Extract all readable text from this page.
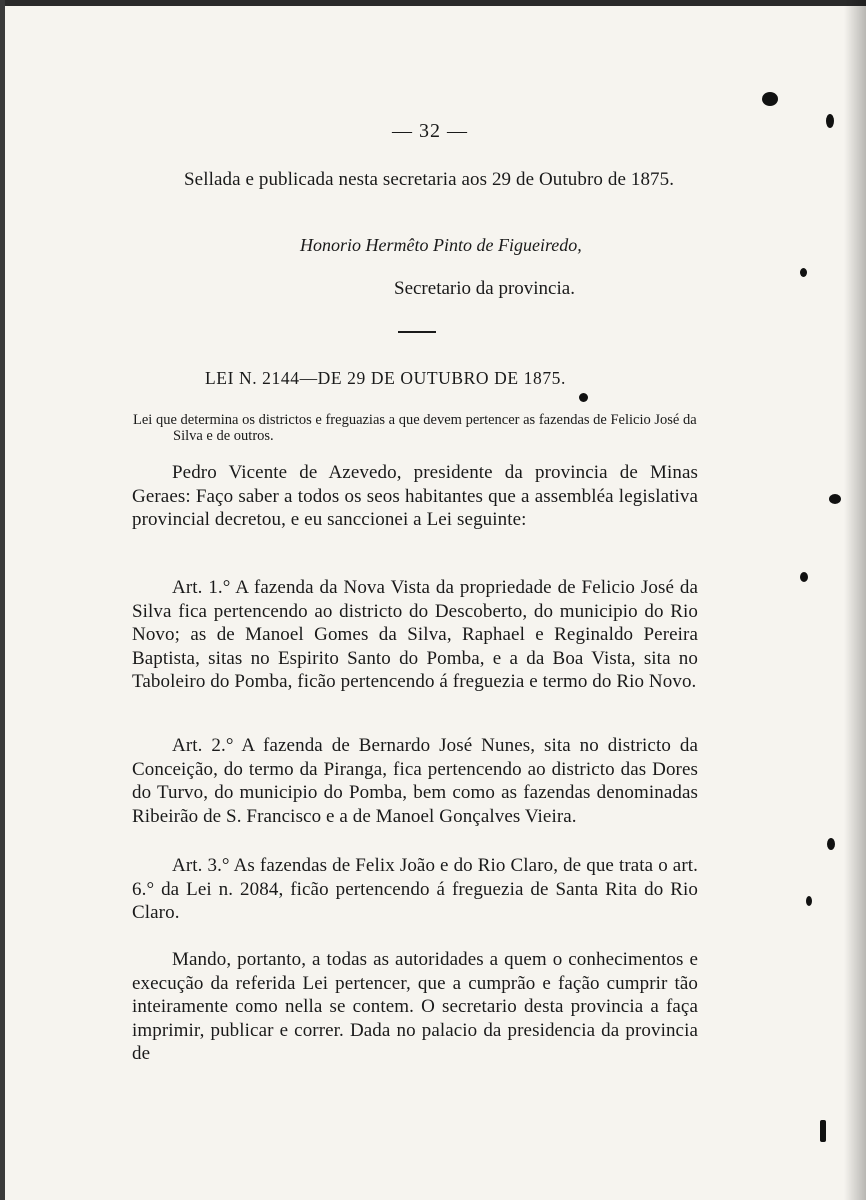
— 32 —
Sellada e publicada nesta secretaria aos 29 de Outubro de 1875.
Honorio Hermêto Pinto de Figueiredo,
Secretario da provincia.
LEI N. 2144—DE 29 DE OUTUBRO DE 1875.
Lei que determina os districtos e freguazias a que devem pertencer as fazendas de Felicio José da Silva e de outros.
Pedro Vicente de Azevedo, presidente da provincia de Minas Geraes: Faço saber a todos os seos habitantes que a assembléa legislativa provincial decretou, e eu sanccionei a Lei seguinte:
Art. 1.° A fazenda da Nova Vista da propriedade de Felicio José da Silva fica pertencendo ao districto do Descoberto, do municipio do Rio Novo; as de Manoel Gomes da Silva, Raphael e Reginaldo Pereira Baptista, sitas no Espirito Santo do Pomba, e a da Boa Vista, sita no Taboleiro do Pomba, ficão pertencendo á freguezia e termo do Rio Novo.
Art. 2.° A fazenda de Bernardo José Nunes, sita no districto da Conceição, do termo da Piranga, fica pertencendo ao districto das Dores do Turvo, do municipio do Pomba, bem como as fazendas denominadas Ribeirão de S. Francisco e a de Manoel Gonçalves Vieira.
Art. 3.° As fazendas de Felix João e do Rio Claro, de que trata o art. 6.° da Lei n. 2084, ficão pertencendo á freguezia de Santa Rita do Rio Claro.
Mando, portanto, a todas as autoridades a quem o conhecimentos e execução da referida Lei pertencer, que a cumprão e fação cumprir tão inteiramente como nella se contem. O secretario desta provincia a faça imprimir, publicar e correr. Dada no palacio da presidencia da provincia de
